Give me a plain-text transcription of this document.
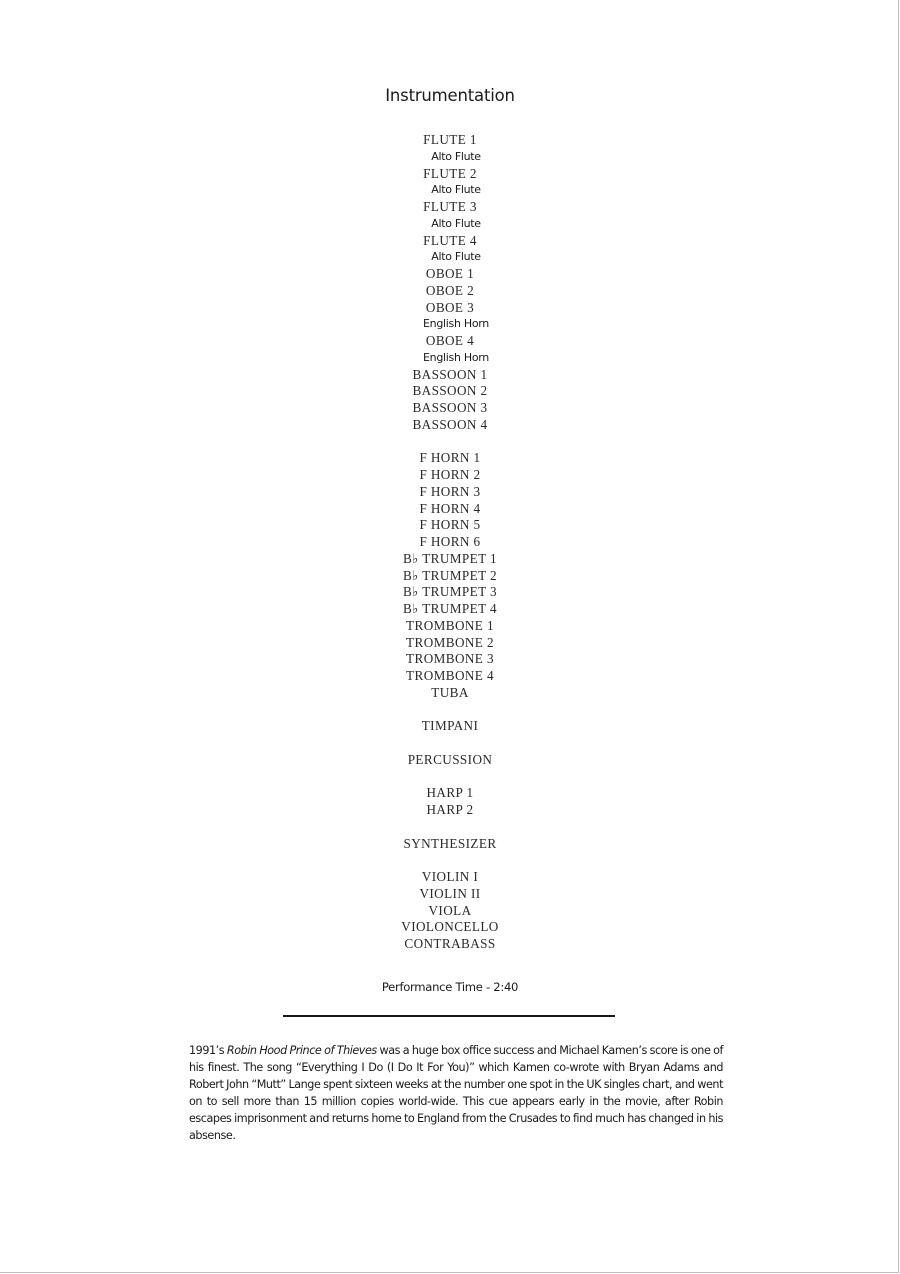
Instrumentation
FLUTE 1
Alto Flute
FLUTE 2
Alto Flute
FLUTE 3
Alto Flute
FLUTE 4
Alto Flute
OBOE 1
OBOE 2
OBOE 3
English Horn
OBOE 4
English Horn
BASSOON 1
BASSOON 2
BASSOON 3
BASSOON 4
F HORN 1
F HORN 2
F HORN 3
F HORN 4
F HORN 5
F HORN 6
B♭ TRUMPET 1
B♭ TRUMPET 2
B♭ TRUMPET 3
B♭ TRUMPET 4
TROMBONE 1
TROMBONE 2
TROMBONE 3
TROMBONE 4
TUBA
TIMPANI
PERCUSSION
HARP 1
HARP 2
SYNTHESIZER
VIOLIN I
VIOLIN II
VIOLA
VIOLONCELLO
CONTRABASS
Performance Time - 2:40

1991’s Robin Hood Prince of Thieves was a huge box office success and Michael Kamen’s score is one of his finest. The song “Everything I Do (I Do It For You)” which Kamen co-wrote with Bryan Adams and Robert John “Mutt” Lange spent sixteen weeks at the number one spot in the UK singles chart, and went on to sell more than 15 million copies world-wide. This cue appears early in the movie, after Robin escapes imprisonment and returns home to England from the Crusades to find much has changed in his absense.
